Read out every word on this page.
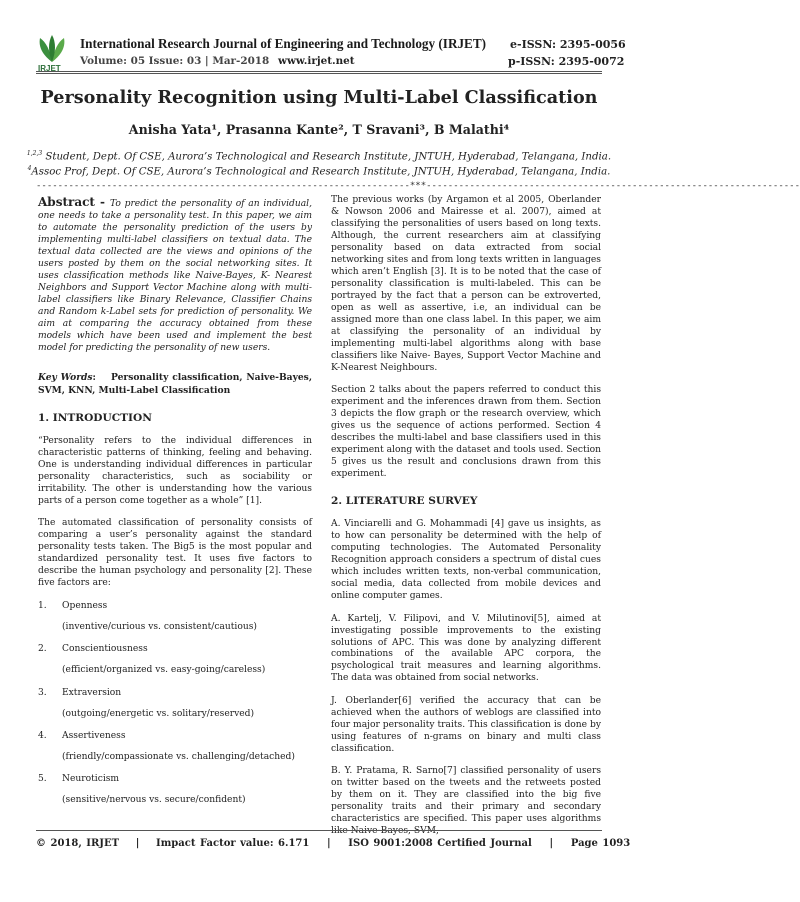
IRJET
International Research Journal of Engineering and Technology (IRJET) e-ISSN: 2395-0056
Volume: 05 Issue: 03 | Mar-2018 www.irjet.net	p-ISSN: 2395-0072
Personality Recognition using Multi-Label Classification
Anisha Yata¹, Prasanna Kante², T Sravani³, B Malathi⁴
$^{1,2,3}$ Student, Dept. Of CSE, Aurora’s Technological and Research Institute, JNTUH, Hyderabad, Telangana, India.
$^4$Assoc Prof, Dept. Of CSE, Aurora’s Technological and Research Institute, JNTUH, Hyderabad, Telangana, India.
---------------------------------------------------------------------***---------------------------------------------------------------------

Abstract - To predict the personality of an individual, one needs to take a personality test. In this paper, we aim to automate the personality prediction of the users by implementing multi-label classifiers on textual data. The textual data collected are the views and opinions of the users posted by them on the social networking sites. It uses classification methods like Naive-Bayes, K- Nearest Neighbors and Support Vector Machine along with multi-label classifiers like Binary Relevance, Classifier Chains and Random k-Label sets for prediction of personality. We aim at comparing the accuracy obtained from these models which have been used and implement the best model for predicting the personality of new users.

Key Words:    Personality classification, Naive-Bayes, SVM, KNN, Multi-Label Classification

1. INTRODUCTION

“Personality refers to the individual differences in characteristic patterns of thinking, feeling and behaving. One is understanding individual differences in particular personality characteristics, such as sociability or irritability. The other is understanding how the various parts of a person come together as a whole” [1].

The automated classification of personality consists of comparing a user’s personality against the standard personality tests taken. The Big5 is the most popular and standardized personality test. It uses five factors to describe the human psychology and personality [2]. These five factors are:

1. Openness
(inventive/curious vs. consistent/cautious)
2. Conscientiousness
(efficient/organized vs. easy-going/careless)
3. Extraversion
(outgoing/energetic vs. solitary/reserved)
4. Assertiveness
(friendly/compassionate vs. challenging/detached)
5. Neuroticism
(sensitive/nervous vs. secure/confident)

The previous works (by Argamon et al 2005, Oberlander & Nowson 2006 and Mairesse et al. 2007), aimed at classifying the personalities of users based on long texts. Although, the current researchers aim at classifying personality based on data extracted from social networking sites and from long texts written in languages which aren’t English [3]. It is to be noted that the case of personality classification is multi-labeled. This can be portrayed by the fact that a person can be extroverted, open as well as assertive, i.e, an individual can be assigned more than one class label. In this paper, we aim at classifying the personality of an individual by implementing multi-label algorithms along with base classifiers like Naive- Bayes, Support Vector Machine and K-Nearest Neighbours.

Section 2 talks about the papers referred to conduct this experiment and the inferences drawn from them. Section 3 depicts the flow graph or the research overview, which gives us the sequence of actions performed. Section 4 describes the multi-label and base classifiers used in this experiment along with the dataset and tools used. Section 5 gives us the result and conclusions drawn from this experiment.

2. LITERATURE SURVEY

A. Vinciarelli and G. Mohammadi [4] gave us insights, as to how can personality be determined with the help of computing technologies. The Automated Personality Recognition approach considers a spectrum of distal cues which includes written texts, non-verbal communication, social media, data collected from mobile devices and online computer games.

A. Kartelj, V. Filipovi, and V. Milutinovi[5], aimed at investigating possible improvements to the existing solutions of APC. This was done by analyzing different combinations of the available APC corpora, the psychological trait measures and learning algorithms. The data was obtained from social networks.

J. Oberlander[6] verified the accuracy that can be achieved when the authors of weblogs are classified into four major personality traits. This classification is done by using features of n-grams on binary and multi class classification.

B. Y. Pratama, R. Sarno[7] classified personality of users on twitter based on the tweets and the retweets posted by them on it. They are classified into the big five personality traits and their primary and secondary characteristics are specified. This paper uses algorithms like Naive-Bayes, SVM,

© 2018, IRJET | Impact Factor value: 6.171 | ISO 9001:2008 Certified Journal | Page 1093
